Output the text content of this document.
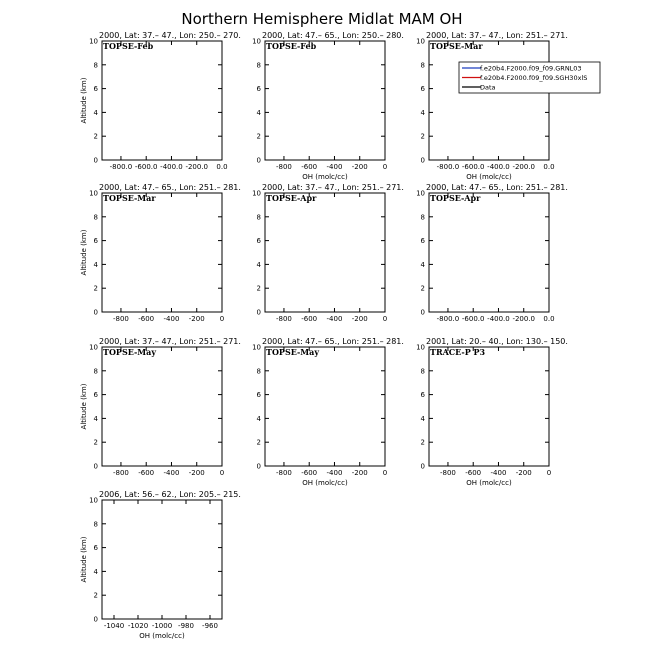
Northern Hemisphere Midlat MAM OH
2000, Lat: 37.– 47., Lon: 250.– 270.
TOPSE-Feb
0
2
4
6
8
10
-800.0 -600.0 -400.0 -200.0 0.0
Altitude (km)
2000, Lat: 47.– 65., Lon: 250.– 280.
TOPSE-Feb
0
2
4
6
8
10
-800 -600 -400 -200 0
OH (molc/cc)
2000, Lat: 37.– 47., Lon: 251.– 271.
TOPSE-Mar
0
2
4
6
8
10
-800.0 -600.0 -400.0 -200.0 0.0
OH (molc/cc)
f.e20b4.F2000.f09_f09.GRNL03
f.e20b4.F2000.f09_f09.SGH30xlS
Data
2000, Lat: 47.– 65., Lon: 251.– 281.
TOPSE-Mar
0
2
4
6
8
10
-800 -600 -400 -200 0
Altitude (km)
2000, Lat: 37.– 47., Lon: 251.– 271.
TOPSE-Apr
0
2
4
6
8
10
-800 -600 -400 -200 0
2000, Lat: 47.– 65., Lon: 251.– 281.
TOPSE-Apr
0
2
4
6
8
10
-800.0 -600.0 -400.0 -200.0 0.0
2000, Lat: 37.– 47., Lon: 251.– 271.
TOPSE-May
0
2
4
6
8
10
-800 -600 -400 -200 0
Altitude (km)
2000, Lat: 47.– 65., Lon: 251.– 281.
TOPSE-May
0
2
4
6
8
10
-800 -600 -400 -200 0
OH (molc/cc)
2001, Lat: 20.– 40., Lon: 130.– 150.
TRACE-P P3
0
2
4
6
8
10
-800 -600 -400 -200 0
OH (molc/cc)
2006, Lat: 56.– 62., Lon: 205.– 215.
0
2
4
6
8
10
-1040 -1020 -1000 -980 -960
OH (molc/cc)
Altitude (km)
